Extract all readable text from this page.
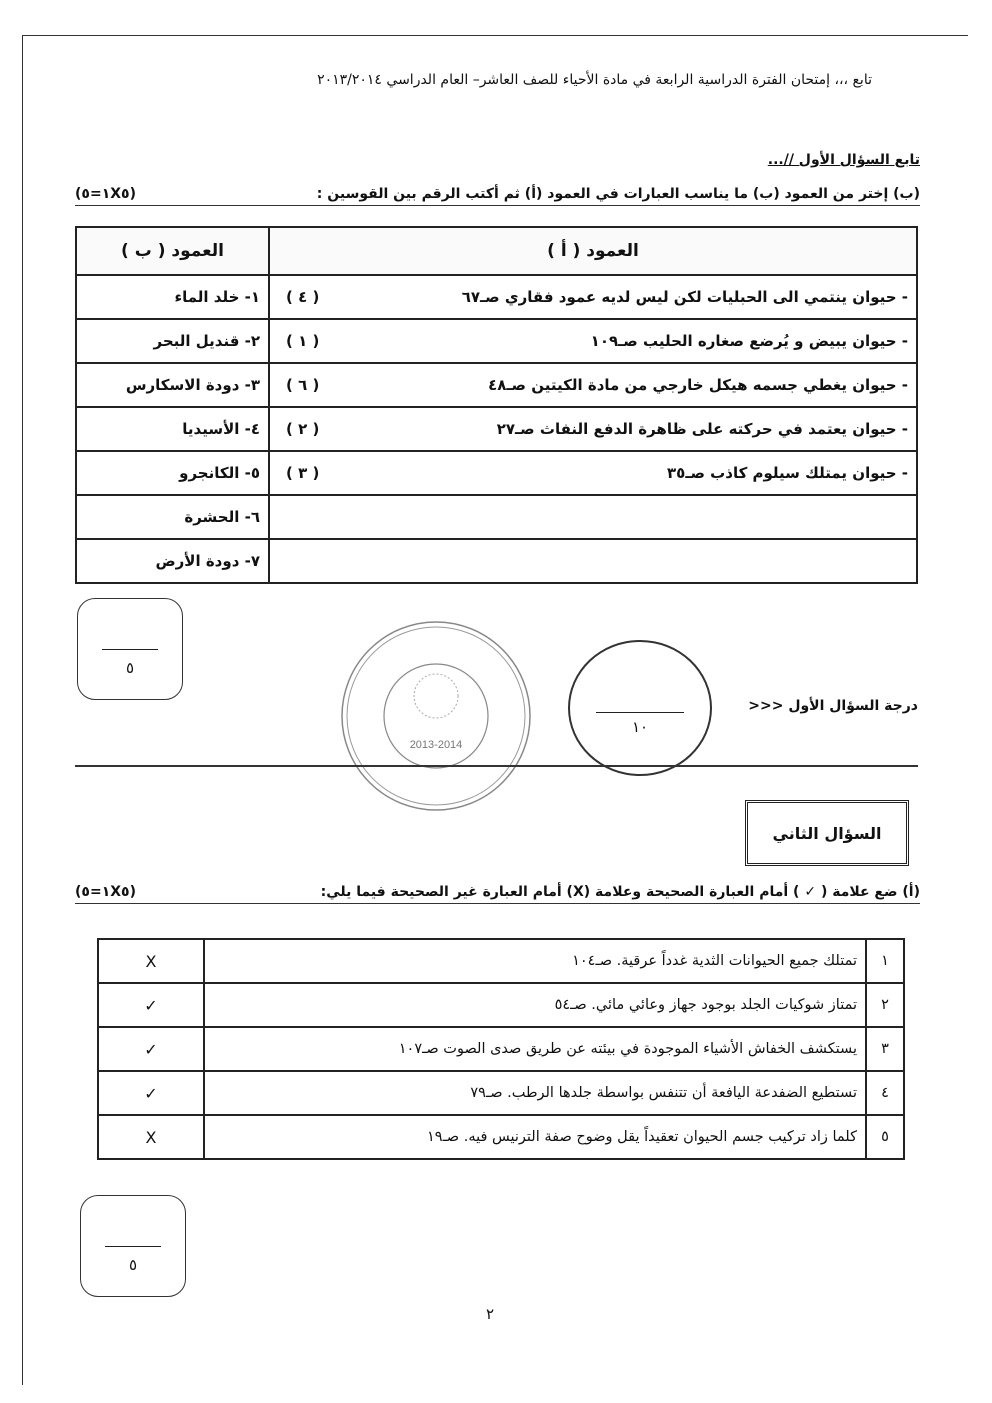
تابع ،،، إمتحان الفترة الدراسية الرابعة في مادة الأحياء للصف العاشر– العام الدراسي ٢٠١٣/٢٠١٤
تابع السؤال الأول //...
(ب) إختر من العمود (ب) ما يناسب العبارات في العمود (أ) ثم أكتب الرقم بين القوسين :
(١X٥=٥)
العمود ( أ )	العمود ( ب )

- حيوان ينتمي الى الحبليات لكن ليس لديه عمود فقاري صـ٦٧
( ٤ )	١- خلد الماء

- حيوان يبيض و يُرضع صغاره الحليب صـ١٠٩
( ١ )	٢- قنديل البحر

- حيوان يغطي جسمه هيكل خارجي من مادة الكيتين صـ٤٨
( ٦ )	٣- دودة الاسكارس

- حيوان يعتمد في حركته على ظاهرة الدفع النفاث صـ٢٧
( ٢ )	٤- الأسيديا

- حيوان يمتلك سيلوم كاذب صـ٣٥
( ٣ )	٥- الكانجرو

	٦- الحشرة

	٧- دودة الأرض
٥
2013-2014
١٠
درجة السؤال الأول <<<
السؤال الثاني
(أ) ضع علامة ( ✓ ) أمام العبارة الصحيحة وعلامة (X) أمام العبارة غير الصحيحة فيما يلي:
(١X٥=٥)
١	تمتلك جميع الحيوانات الثدية غدداً عرقية. صـ١٠٤	X
٢	تمتاز شوكيات الجلد بوجود جهاز وعائي مائي. صـ٥٤	✓
٣	يستكشف الخفاش الأشياء الموجودة في بيئته عن طريق صدى الصوت صـ١٠٧	✓
٤	تستطيع الضفدعة اليافعة أن تتنفس بواسطة جلدها الرطب. صـ٧٩	✓
٥	كلما زاد تركيب جسم الحيوان تعقيداً يقل وضوح صفة الترنيس فيه. صـ١٩	X
٥
٢
